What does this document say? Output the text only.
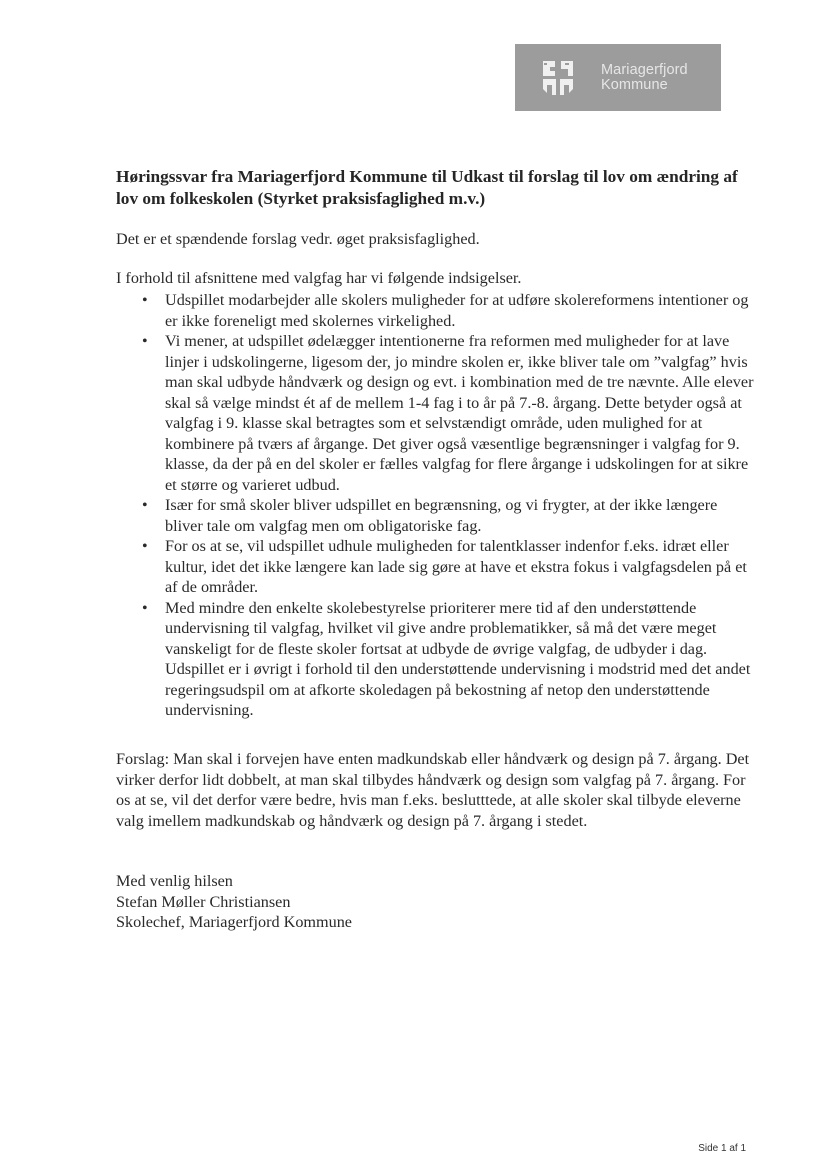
Mariagerfjord
Kommune
Høringssvar fra Mariagerfjord Kommune til Udkast til forslag til lov om ændring af lov om folkeskolen (Styrket praksisfaglighed m.v.)

Det er et spændende forslag vedr. øget praksisfaglighed.

I forhold til afsnittene med valgfag har vi følgende indsigelser.

•
Udspillet modarbejder alle skolers muligheder for at udføre skolereformens intentioner og er ikke foreneligt med skolernes virkelighed.
•
Vi mener, at udspillet ødelægger intentionerne fra reformen med muligheder for at lave linjer i udskolingerne, ligesom der, jo mindre skolen er, ikke bliver tale om ”valgfag” hvis man skal udbyde håndværk og design og evt. i kombination med de tre nævnte. Alle elever skal så vælge mindst ét af de mellem 1-4 fag i to år på 7.-8. årgang. Dette betyder også at valgfag i 9. klasse skal betragtes som et selvstændigt område, uden mulighed for at kombinere på tværs af årgange. Det giver også væsentlige begrænsninger i valgfag for 9. klasse, da der på en del skoler er fælles valgfag for flere årgange i udskolingen for at sikre et større og varieret udbud.
•
Især for små skoler bliver udspillet en begrænsning, og vi frygter, at der ikke længere bliver tale om valgfag men om obligatoriske fag.
•
For os at se, vil udspillet udhule muligheden for talentklasser indenfor f.eks. idræt eller kultur, idet det ikke længere kan lade sig gøre at have et ekstra fokus i valgfagsdelen på et af de områder.
•
Med mindre den enkelte skolebestyrelse prioriterer mere tid af den understøttende undervisning til valgfag, hvilket vil give andre problematikker, så må det være meget vanskeligt for de fleste skoler fortsat at udbyde de øvrige valgfag, de udbyder i dag. Udspillet er i øvrigt i forhold til den understøttende undervisning i modstrid med det andet regeringsudspil om at afkorte skoledagen på bekostning af netop den understøttende undervisning.

Forslag: Man skal i forvejen have enten madkundskab eller håndværk og design på 7. årgang. Det virker derfor lidt dobbelt, at man skal tilbydes håndværk og design som valgfag på 7. årgang. For os at se, vil det derfor være bedre, hvis man f.eks. beslutttede, at alle skoler skal tilbyde eleverne valg imellem madkundskab og håndværk og design på 7. årgang i stedet.

Med venlig hilsen
Stefan Møller Christiansen
Skolechef, Mariagerfjord Kommune
Side 1 af 1
